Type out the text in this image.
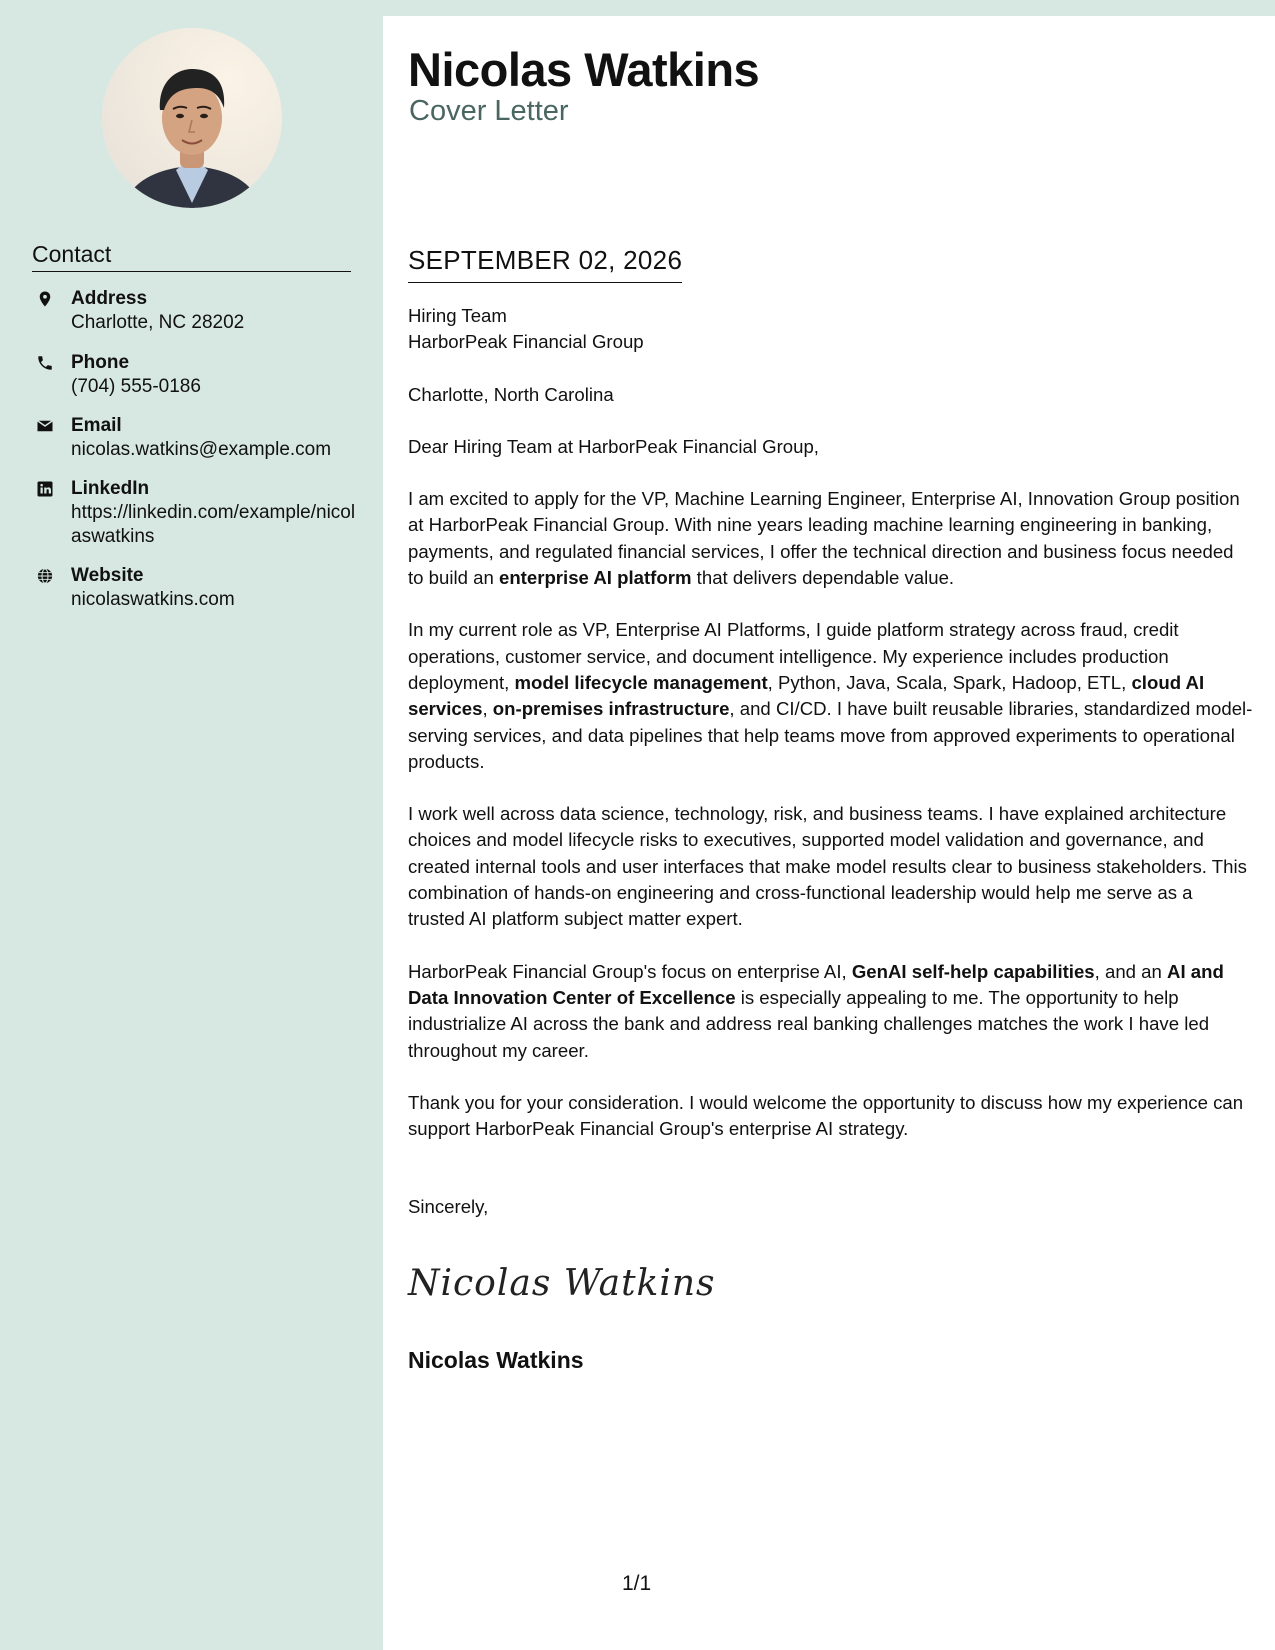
Contact
Address
Charlotte, NC 28202
Phone
(704) 555-0186
Email
nicolas.watkins@example.com
LinkedIn
https://linkedin.com/example/nicolaswatkins
Website
nicolaswatkins.com
Nicolas Watkins
Cover Letter
SEPTEMBER 02, 2026

Hiring Team

HarborPeak Financial Group

Charlotte, North Carolina

Dear Hiring Team at HarborPeak Financial Group,

I am excited to apply for the VP, Machine Learning Engineer, Enterprise AI, Innovation Group position at HarborPeak Financial Group. With nine years leading machine learning engineering in banking, payments, and regulated financial services, I offer the technical direction and business focus needed to build an enterprise AI platform that delivers dependable value.

In my current role as VP, Enterprise AI Platforms, I guide platform strategy across fraud, credit operations, customer service, and document intelligence. My experience includes production deployment, model lifecycle management, Python, Java, Scala, Spark, Hadoop, ETL, cloud AI services, on-premises infrastructure, and CI/CD. I have built reusable libraries, standardized model-serving services, and data pipelines that help teams move from approved experiments to operational products.

I work well across data science, technology, risk, and business teams. I have explained architecture choices and model lifecycle risks to executives, supported model validation and governance, and created internal tools and user interfaces that make model results clear to business stakeholders. This combination of hands-on engineering and cross-functional leadership would help me serve as a trusted AI platform subject matter expert.

HarborPeak Financial Group's focus on enterprise AI, GenAI self-help capabilities, and an AI and Data Innovation Center of Excellence is especially appealing to me. The opportunity to help industrialize AI across the bank and address real banking challenges matches the work I have led throughout my career.

Thank you for your consideration. I would welcome the opportunity to discuss how my experience can support HarborPeak Financial Group's enterprise AI strategy.

Sincerely,

Nicolas Watkins
Nicolas Watkins
1/1
